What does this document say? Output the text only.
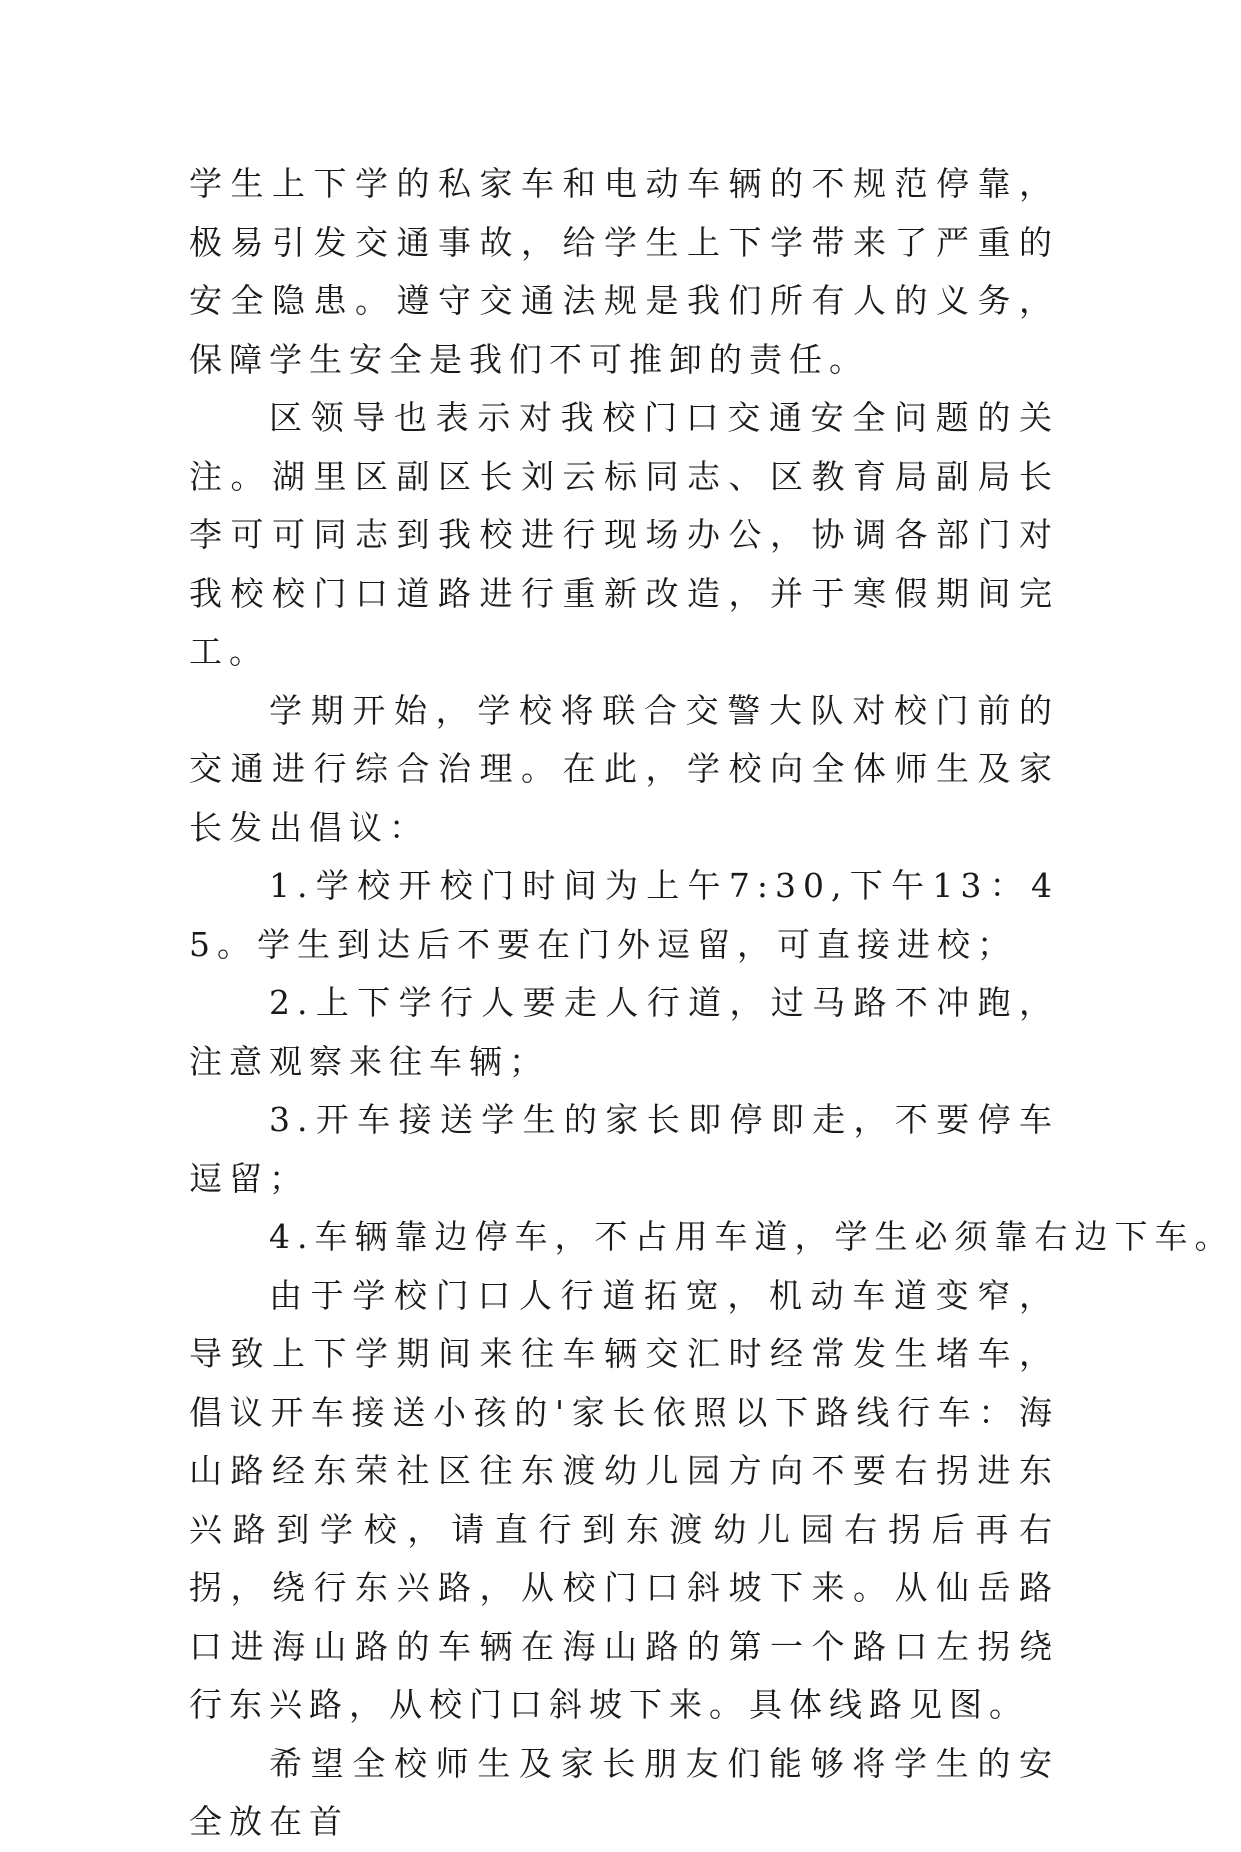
学生上下学的私家车和电动车辆的不规范停靠，极易引发交通事故，给学生上下学带来了严重的安全隐患。遵守交通法规是我们所有人的义务，保障学生安全是我们不可推卸的责任。

区领导也表示对我校门口交通安全问题的关注。湖里区副区长刘云标同志、区教育局副局长李可可同志到我校进行现场办公，协调各部门对我校校门口道路进行重新改造，并于寒假期间完工。

学期开始，学校将联合交警大队对校门前的交通进行综合治理。在此，学校向全体师生及家长发出倡议：

1.学校开校门时间为上午7:30,下午13：45。学生到达后不要在门外逗留，可直接进校；

2.上下学行人要走人行道，过马路不冲跑，注意观察来往车辆；

3.开车接送学生的家长即停即走，不要停车逗留；

4.车辆靠边停车，不占用车道，学生必须靠右边下车。

由于学校门口人行道拓宽，机动车道变窄，导致上下学期间来往车辆交汇时经常发生堵车，倡议开车接送小孩的'家长依照以下路线行车：海山路经东荣社区往东渡幼儿园方向不要右拐进东兴路到学校，请直行到东渡幼儿园右拐后再右拐，绕行东兴路，从校门口斜坡下来。从仙岳路口进海山路的车辆在海山路的第一个路口左拐绕行东兴路，从校门口斜坡下来。具体线路见图。

希望全校师生及家长朋友们能够将学生的安全放在首
